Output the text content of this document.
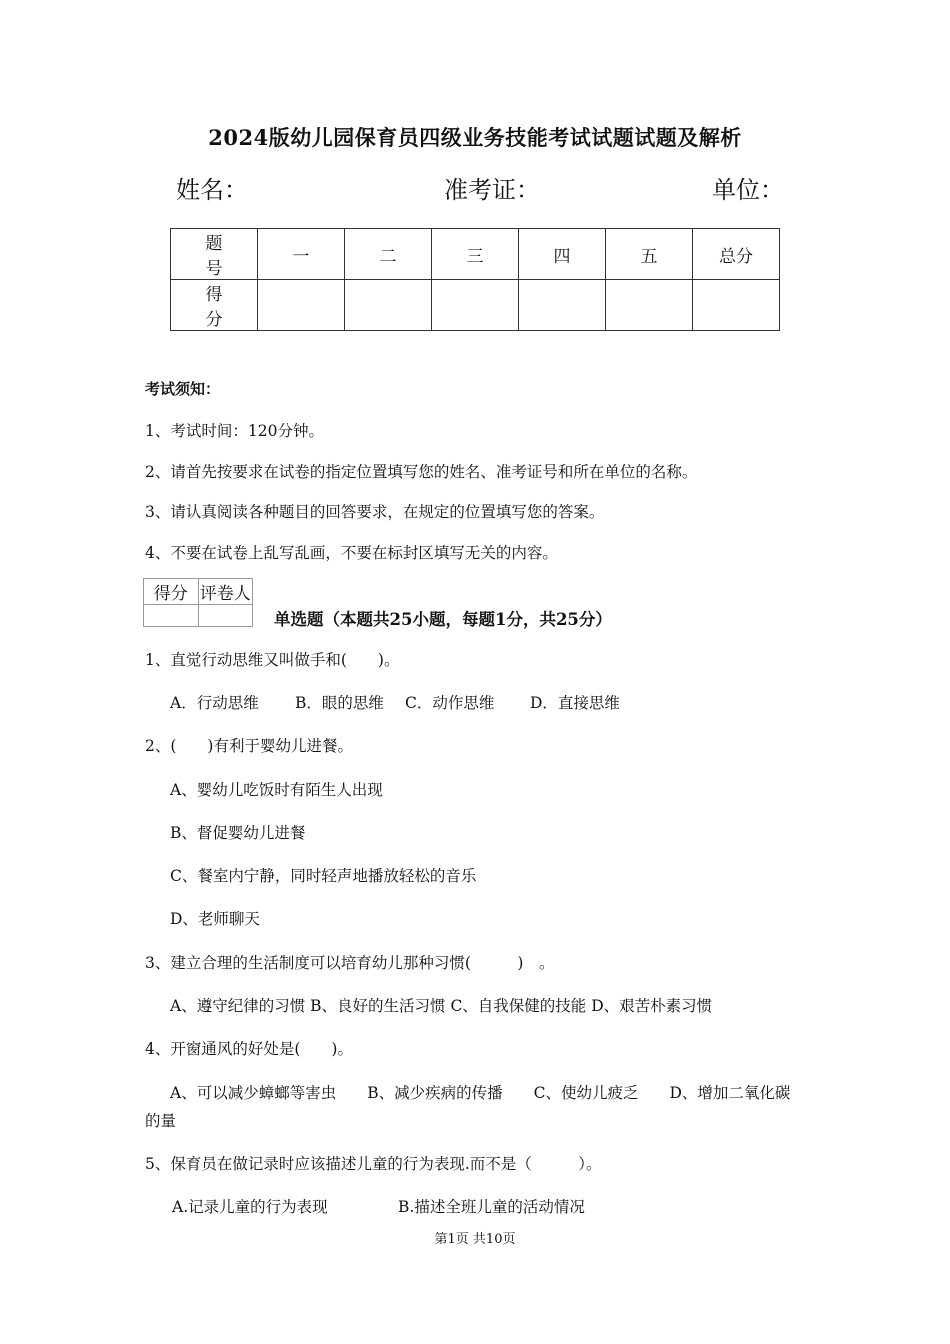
2024版幼儿园保育员四级业务技能考试试题试题及解析
姓名：	准考证：	单位：
题　号	一	二	三	四	五	总分
得　分						
考试须知：
1、考试时间：120分钟。
2、请首先按要求在试卷的指定位置填写您的姓名、准考证号和所在单位的名称。
3、请认真阅读各种题目的回答要求，在规定的位置填写您的答案。
4、不要在试卷上乱写乱画，不要在标封区填写无关的内容。
得分	评卷人

单选题（本题共25小题，每题1分，共25分）
1、直觉行动思维又叫做手和(　　)。
A．行动思维 B．眼的思维 C．动作思维 D．直接思维
2、(　　)有利于婴幼儿进餐。
A、婴幼儿吃饭时有陌生人出现
B、督促婴幼儿进餐
C、餐室内宁静，同时轻声地播放轻松的音乐
D、老师聊天
3、建立合理的生活制度可以培育幼儿那种习惯(　　　)　。
A、遵守纪律的习惯 B、良好的生活习惯 C、自我保健的技能 D、艰苦朴素习惯
4、开窗通风的好处是(　　)。
A、可以减少蟑螂等害虫　　B、减少疾病的传播　　C、使幼儿疲乏　　D、增加二氧化碳
的量
5、保育员在做记录时应该描述儿童的行为表现.而不是（　　　）。
A.记录儿童的行为表现	B.描述全班儿童的活动情况
第1页 共10页
